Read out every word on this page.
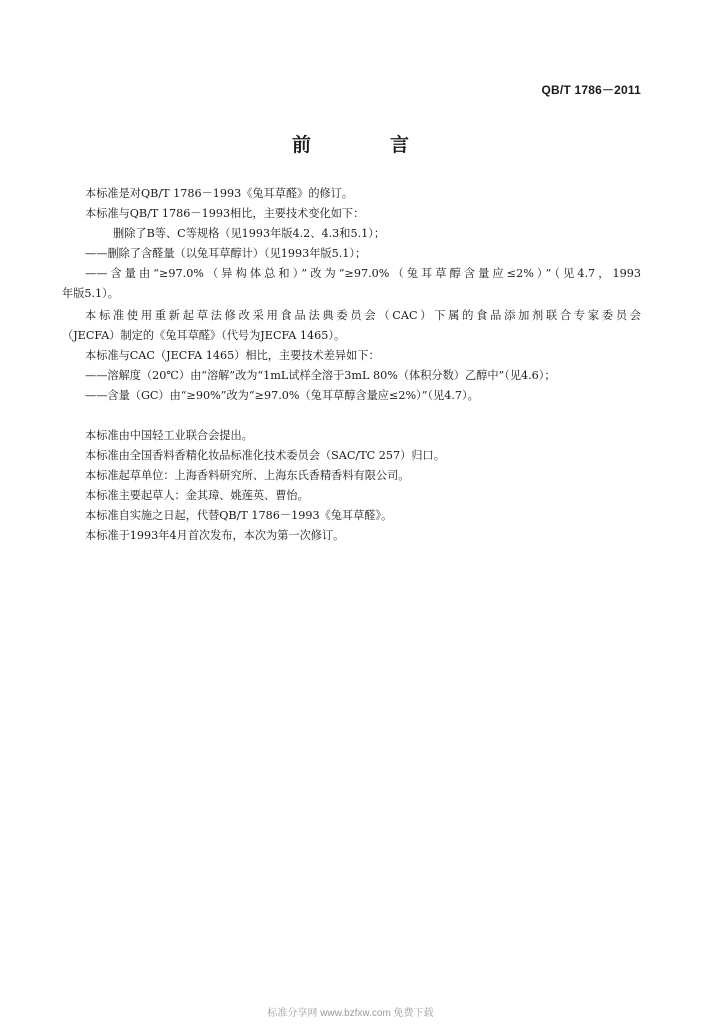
QB/T 1786－2011
前　言
本标准是对QB/T 1786－1993《兔耳草醛》的修订。
本标准与QB/T 1786－1993相比，主要技术变化如下：
删除了B等、C等规格（见1993年版4.2、4.3和5.1）；
——删除了含醛量（以兔耳草醇计）（见1993年版5.1）；
——含量由“≥97.0%（异构体总和）”改为“≥97.0%（兔耳草醇含量应≤2%）”（见4.7，1993
年版5.1）。
本标准使用重新起草法修改采用食品法典委员会（CAC）下属的食品添加剂联合专家委员会
（JECFA）制定的《兔耳草醛》（代号为JECFA 1465）。
本标准与CAC（JECFA 1465）相比，主要技术差异如下：
——溶解度（20℃）由“溶解”改为“1mL试样全溶于3mL 80%（体积分数）乙醇中”（见4.6）；
——含量（GC）由“≥90%”改为“≥97.0%（兔耳草醇含量应≤2%）”（见4.7）。
本标准由中国轻工业联合会提出。
本标准由全国香料香精化妆品标准化技术委员会（SAC/TC 257）归口。
本标准起草单位：上海香料研究所、上海东氏香精香料有限公司。
本标准主要起草人：金其璋、姚莲英、曹怡。
本标准自实施之日起，代替QB/T 1786－1993《兔耳草醛》。
本标准于1993年4月首次发布，本次为第一次修订。
标准分享网 www.bzfxw.com 免费下载
